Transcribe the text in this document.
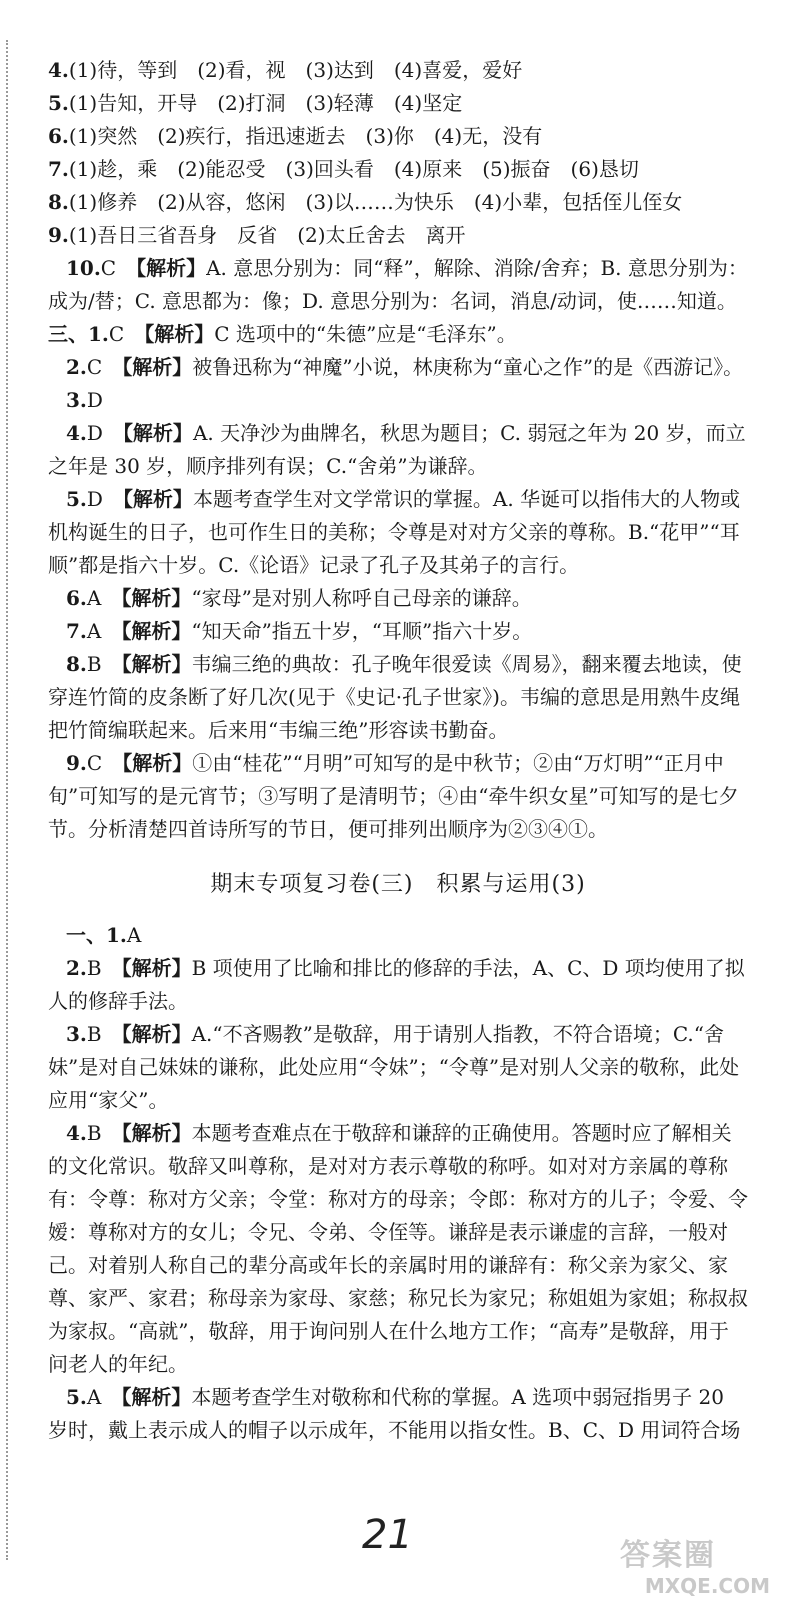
4.(1)待，等到　(2)看，视　(3)达到　(4)喜爱，爱好
5.(1)告知，开导　(2)打洞　(3)轻薄　(4)坚定
6.(1)突然　(2)疾行，指迅速逝去　(3)你　(4)无，没有
7.(1)趁，乘　(2)能忍受　(3)回头看　(4)原来　(5)振奋　(6)恳切
8.(1)修养　(2)从容，悠闲　(3)以……为快乐　(4)小辈，包括侄儿侄女
9.(1)吾日三省吾身　反省　(2)太丘舍去　离开

10.C　 【解析】A. 意思分别为：同“释”，解除、消除/舍弃；B. 意思分别为：成为/替；C. 意思都为：像；D. 意思分别为：名词，消息/动词，使……知道。

三、1.C　 【解析】C 选项中的“朱德”应是“毛泽东”。

2.C　 【解析】被鲁迅称为“神魔”小说，林庚称为“童心之作”的是《西游记》。

3.D

4.D　 【解析】A. 天净沙为曲牌名，秋思为题目；C. 弱冠之年为 20 岁，而立之年是 30 岁，顺序排列有误；C.“舍弟”为谦辞。

5.D　 【解析】本题考查学生对文学常识的掌握。A. 华诞可以指伟大的人物或机构诞生的日子，也可作生日的美称；令尊是对对方父亲的尊称。B.“花甲”“耳顺”都是指六十岁。C.《论语》记录了孔子及其弟子的言行。

6.A　 【解析】“家母”是对别人称呼自己母亲的谦辞。

7.A　 【解析】“知天命”指五十岁，“耳顺”指六十岁。

8.B　 【解析】韦编三绝的典故：孔子晚年很爱读《周易》，翻来覆去地读，使穿连竹简的皮条断了好几次(见于《史记·孔子世家》)。韦编的意思是用熟牛皮绳把竹简编联起来。后来用“韦编三绝”形容读书勤奋。

9.C　 【解析】①由“桂花”“月明”可知写的是中秋节；②由“万灯明”“正月中旬”可知写的是元宵节；③写明了是清明节；④由“牵牛织女星”可知写的是七夕节。分析清楚四首诗所写的节日，便可排列出顺序为②③④①。

期末专项复习卷(三)　积累与运用(3)

一、1.A

2.B　 【解析】B 项使用了比喻和排比的修辞的手法，A、C、D 项均使用了拟人的修辞手法。

3.B　 【解析】A.“不吝赐教”是敬辞，用于请别人指教，不符合语境；C.“舍妹”是对自己妹妹的谦称，此处应用“令妹”；“令尊”是对别人父亲的敬称，此处应用“家父”。

4.B　 【解析】本题考查难点在于敬辞和谦辞的正确使用。答题时应了解相关的文化常识。敬辞又叫尊称，是对对方表示尊敬的称呼。如对对方亲属的尊称有：令尊：称对方父亲；令堂：称对方的母亲；令郎：称对方的儿子；令爱、令嫒：尊称对方的女儿；令兄、令弟、令侄等。谦辞是表示谦虚的言辞，一般对己。对着别人称自己的辈分高或年长的亲属时用的谦辞有：称父亲为家父、家尊、家严、家君；称母亲为家母、家慈；称兄长为家兄；称姐姐为家姐；称叔叔为家叔。“高就”，敬辞，用于询问别人在什么地方工作；“高寿”是敬辞，用于问老人的年纪。

5.A　 【解析】本题考查学生对敬称和代称的掌握。A 选项中弱冠指男子 20 岁时，戴上表示成人的帽子以示成年，不能用以指女性。B、C、D 用词符合场

21	答案圈
MXQE.COM
